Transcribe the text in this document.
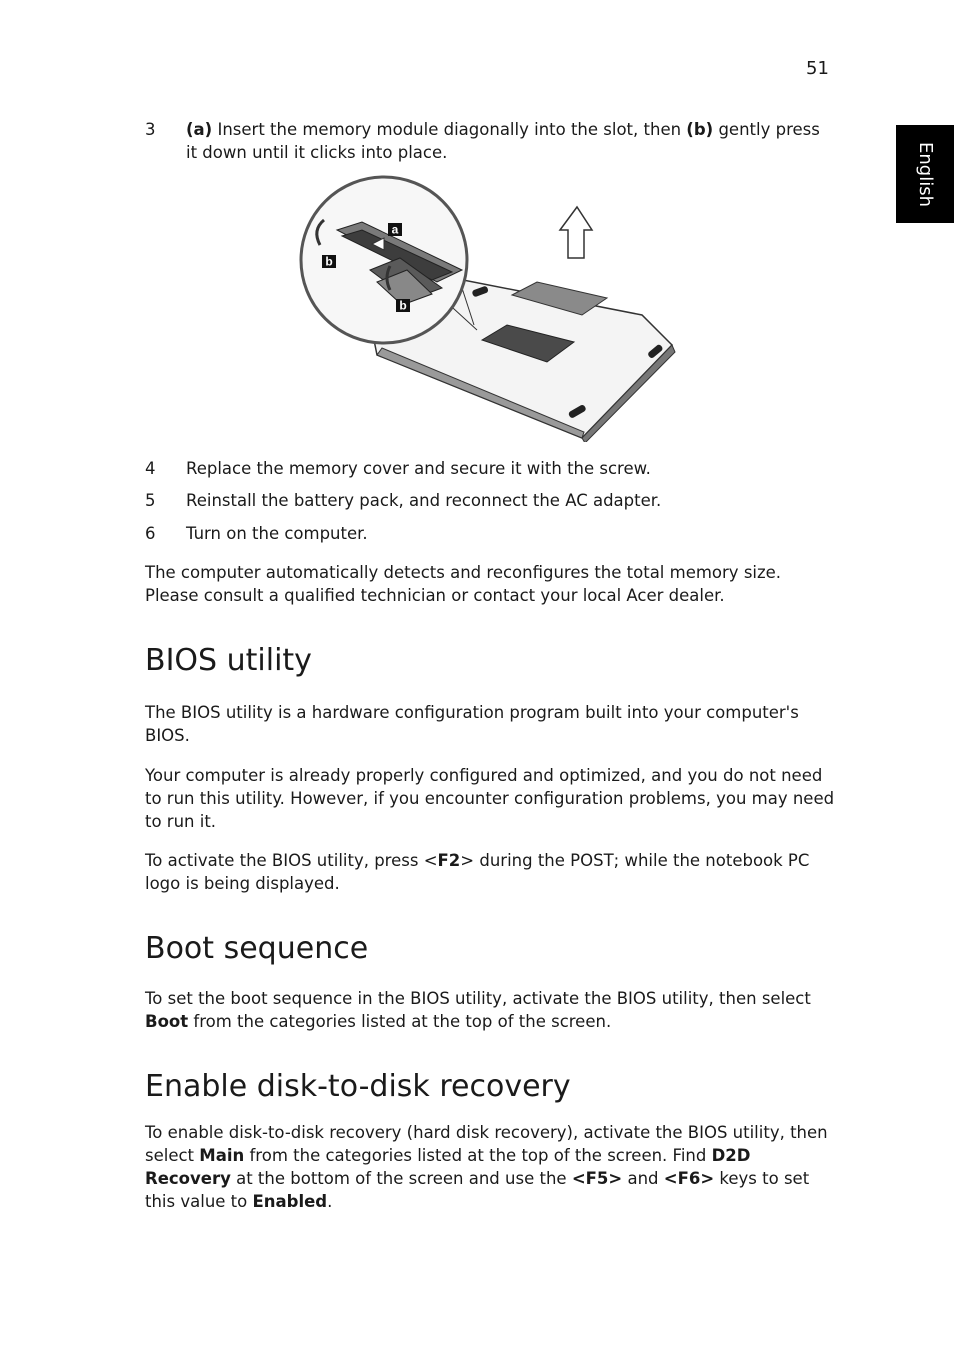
51
English
3 (a) Insert the memory module diagonally into the slot, then (b) gently press it down until it clicks into place.
a
b
b
4 Replace the memory cover and secure it with the screw.
5 Reinstall the battery pack, and reconnect the AC adapter.
6 Turn on the computer.
The computer automatically detects and reconfigures the total memory size. Please consult a qualified technician or contact your local Acer dealer.
BIOS utility
The BIOS utility is a hardware configuration program built into your computer's BIOS.
Your computer is already properly configured and optimized, and you do not need to run this utility. However, if you encounter configuration problems, you may need to run it.
To activate the BIOS utility, press <F2> during the POST; while the notebook PC logo is being displayed.
Boot sequence
To set the boot sequence in the BIOS utility, activate the BIOS utility, then select Boot from the categories listed at the top of the screen.
Enable disk-to-disk recovery
To enable disk-to-disk recovery (hard disk recovery), activate the BIOS utility, then select Main from the categories listed at the top of the screen. Find D2D Recovery at the bottom of the screen and use the <F5> and <F6> keys to set this value to Enabled.
